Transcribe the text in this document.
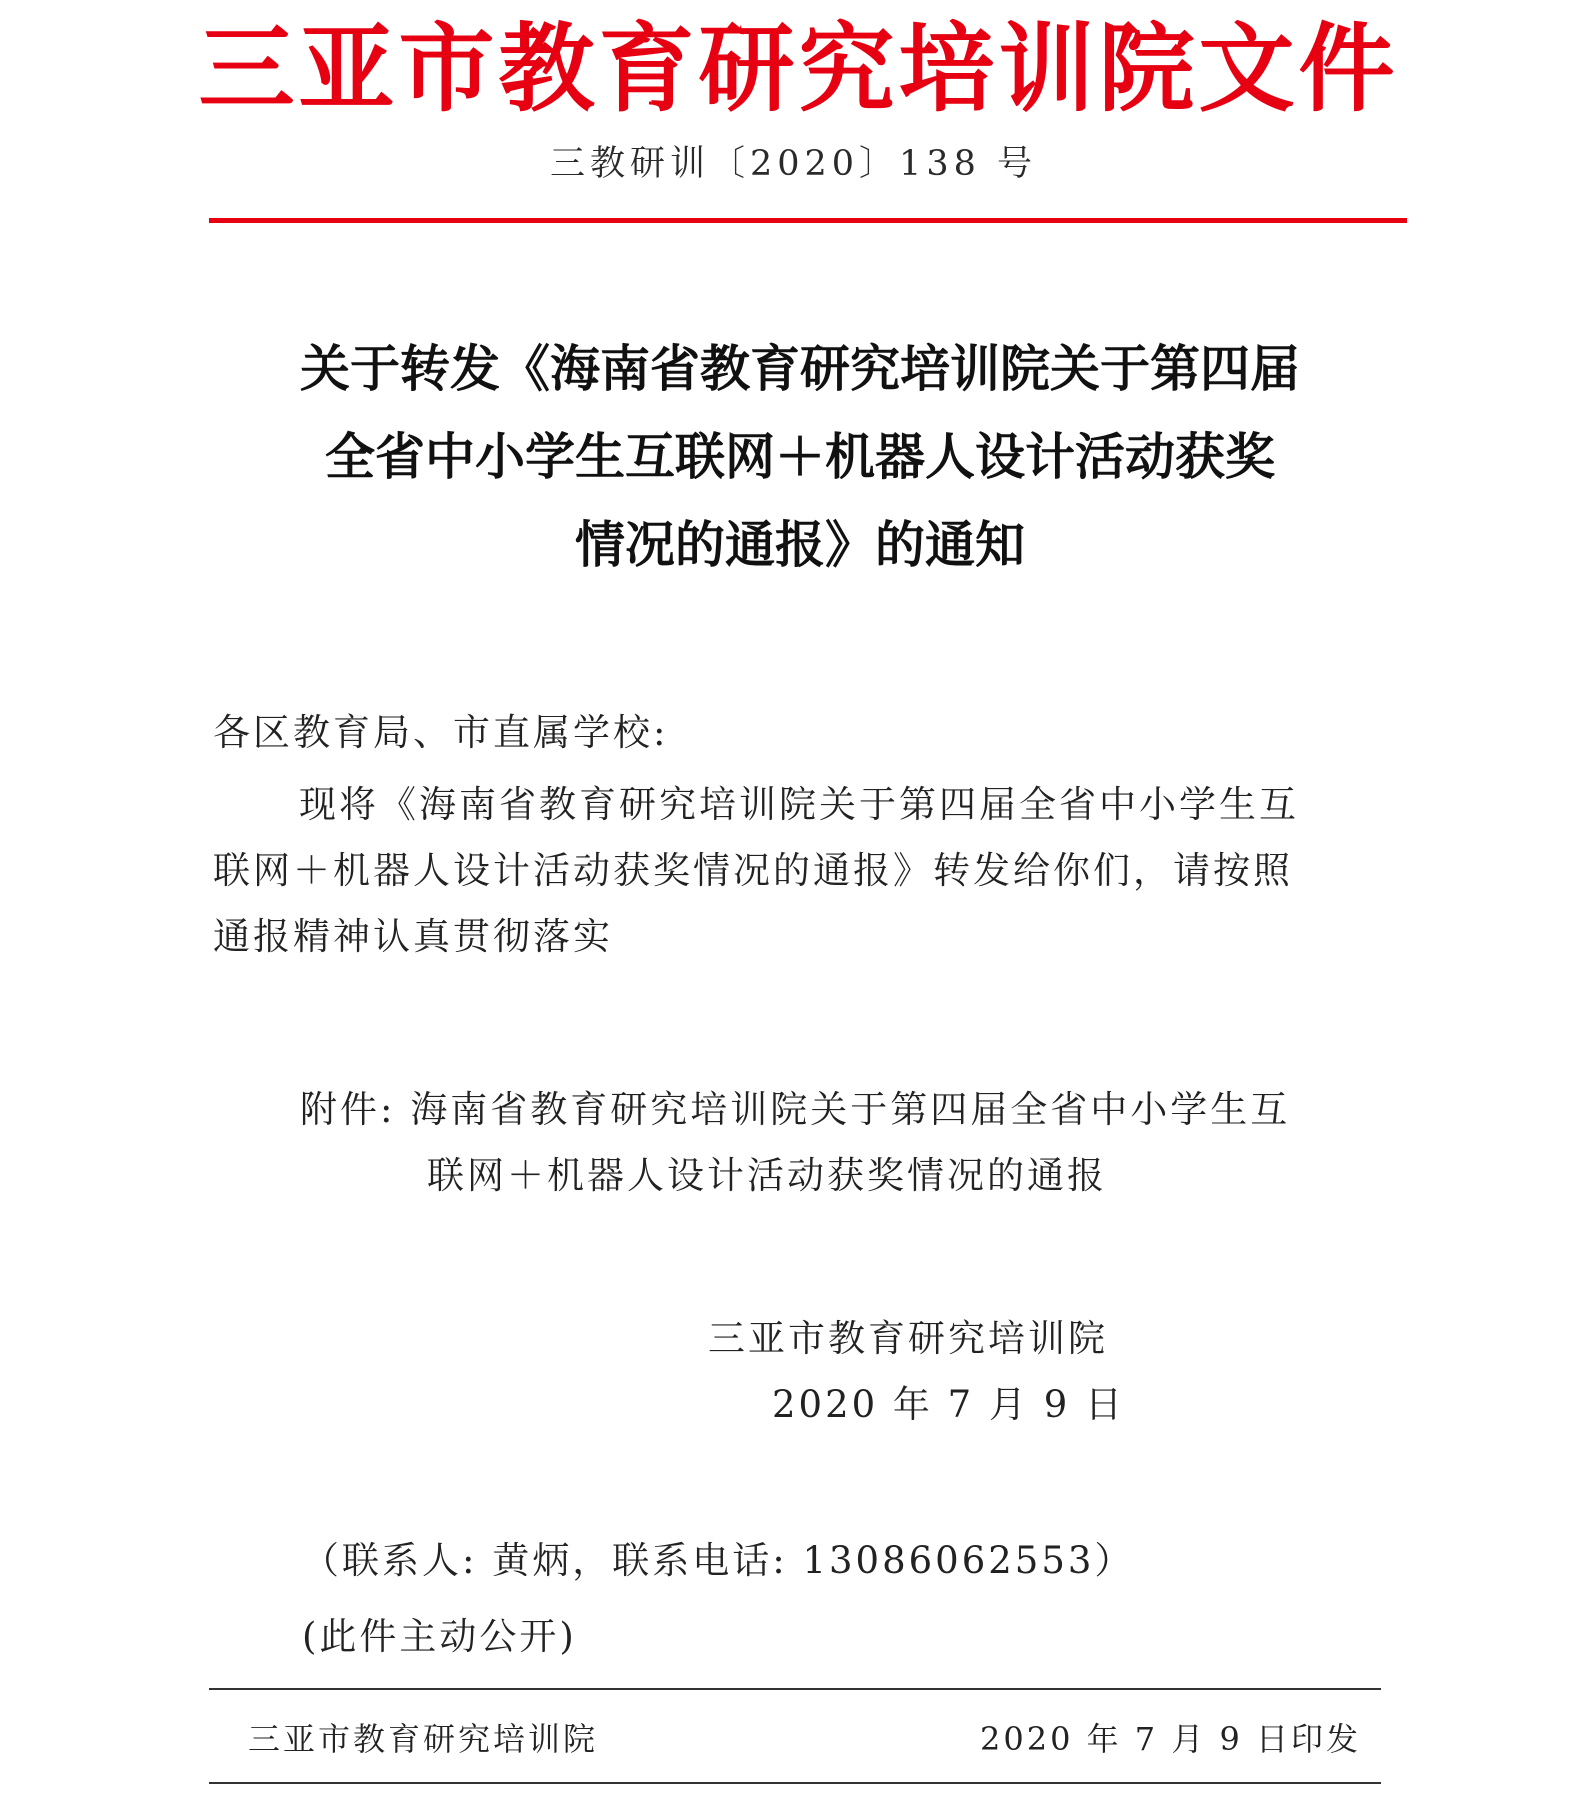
三亚市教育研究培训院文件
三教研训〔2020〕138 号
关于转发《海南省教育研究培训院关于第四届
全省中小学生互联网＋机器人设计活动获奖
情况的通报》的通知
各区教育局、市直属学校:
现将《海南省教育研究培训院关于第四届全省中小学生互
联网＋机器人设计活动获奖情况的通报》转发给你们，请按照
通报精神认真贯彻落实
附件: 海南省教育研究培训院关于第四届全省中小学生互
联网＋机器人设计活动获奖情况的通报
三亚市教育研究培训院
2020 年 7 月 9 日
（联系人: 黄炳，联系电话: 13086062553）
(此件主动公开)
三亚市教育研究培训院	2020 年 7 月 9 日印发
